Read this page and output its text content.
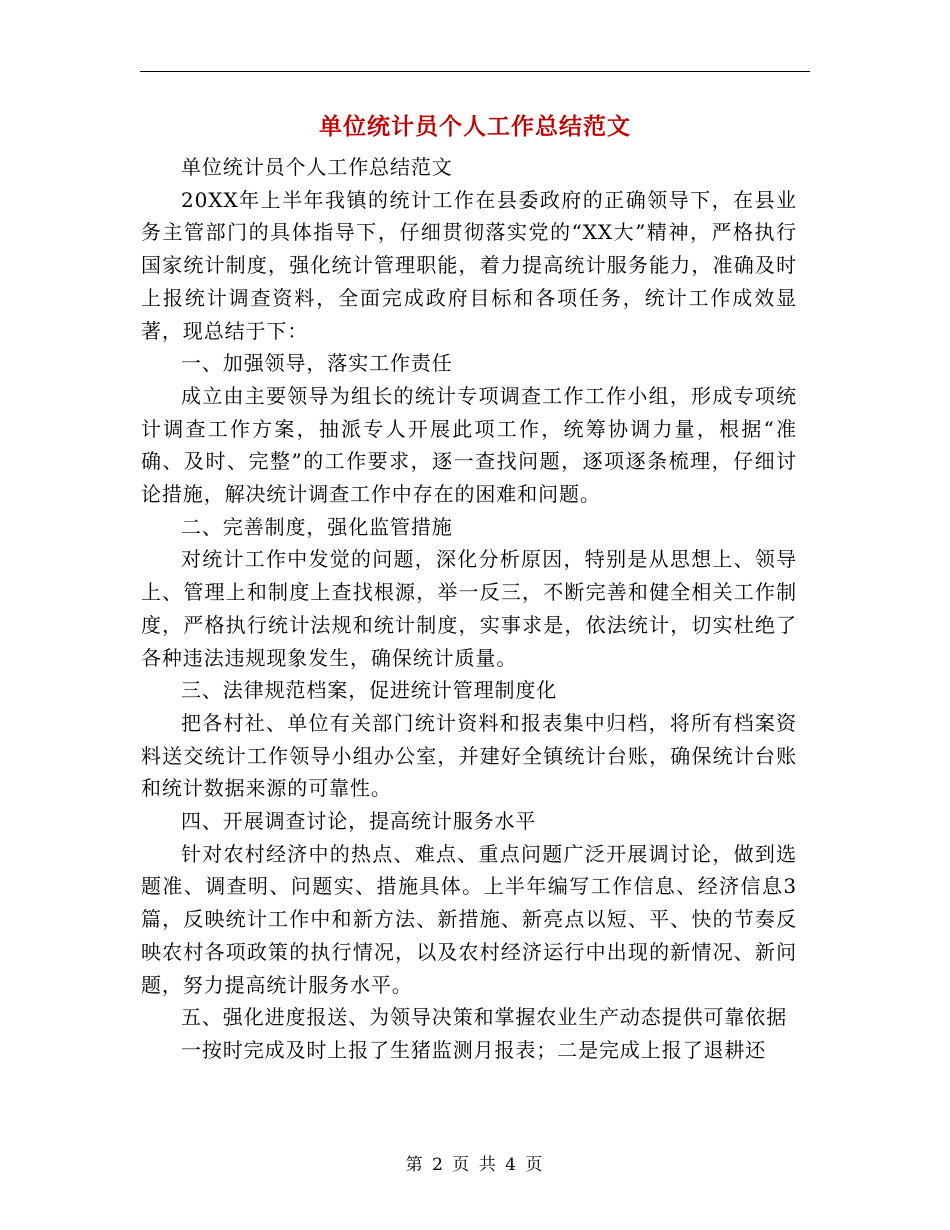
单位统计员个人工作总结范文

单位统计员个人工作总结范文

20XX年上半年我镇的统计工作在县委政府的正确领导下，在县业务主管部门的具体指导下，仔细贯彻落实党的“XX大”精神，严格执行国家统计制度，强化统计管理职能，着力提高统计服务能力，准确及时上报统计调查资料，全面完成政府目标和各项任务，统计工作成效显著，现总结于下：

一、加强领导，落实工作责任

成立由主要领导为组长的统计专项调查工作工作小组，形成专项统计调查工作方案，抽派专人开展此项工作，统筹协调力量，根据“准确、及时、完整”的工作要求，逐一查找问题，逐项逐条梳理，仔细讨论措施，解决统计调查工作中存在的困难和问题。

二、完善制度，强化监管措施

对统计工作中发觉的问题，深化分析原因，特别是从思想上、领导上、管理上和制度上查找根源，举一反三，不断完善和健全相关工作制度，严格执行统计法规和统计制度，实事求是，依法统计，切实杜绝了各种违法违规现象发生，确保统计质量。

三、法律规范档案，促进统计管理制度化

把各村社、单位有关部门统计资料和报表集中归档，将所有档案资料送交统计工作领导小组办公室，并建好全镇统计台账，确保统计台账和统计数据来源的可靠性。

四、开展调查讨论，提高统计服务水平

针对农村经济中的热点、难点、重点问题广泛开展调讨论，做到选题准、调查明、问题实、措施具体。上半年编写工作信息、经济信息3篇，反映统计工作中和新方法、新措施、新亮点以短、平、快的节奏反映农村各项政策的执行情况，以及农村经济运行中出现的新情况、新问题，努力提高统计服务水平。

五、强化进度报送、为领导决策和掌握农业生产动态提供可靠依据

一按时完成及时上报了生猪监测月报表；二是完成上报了退耕还

第 2 页 共 4 页
